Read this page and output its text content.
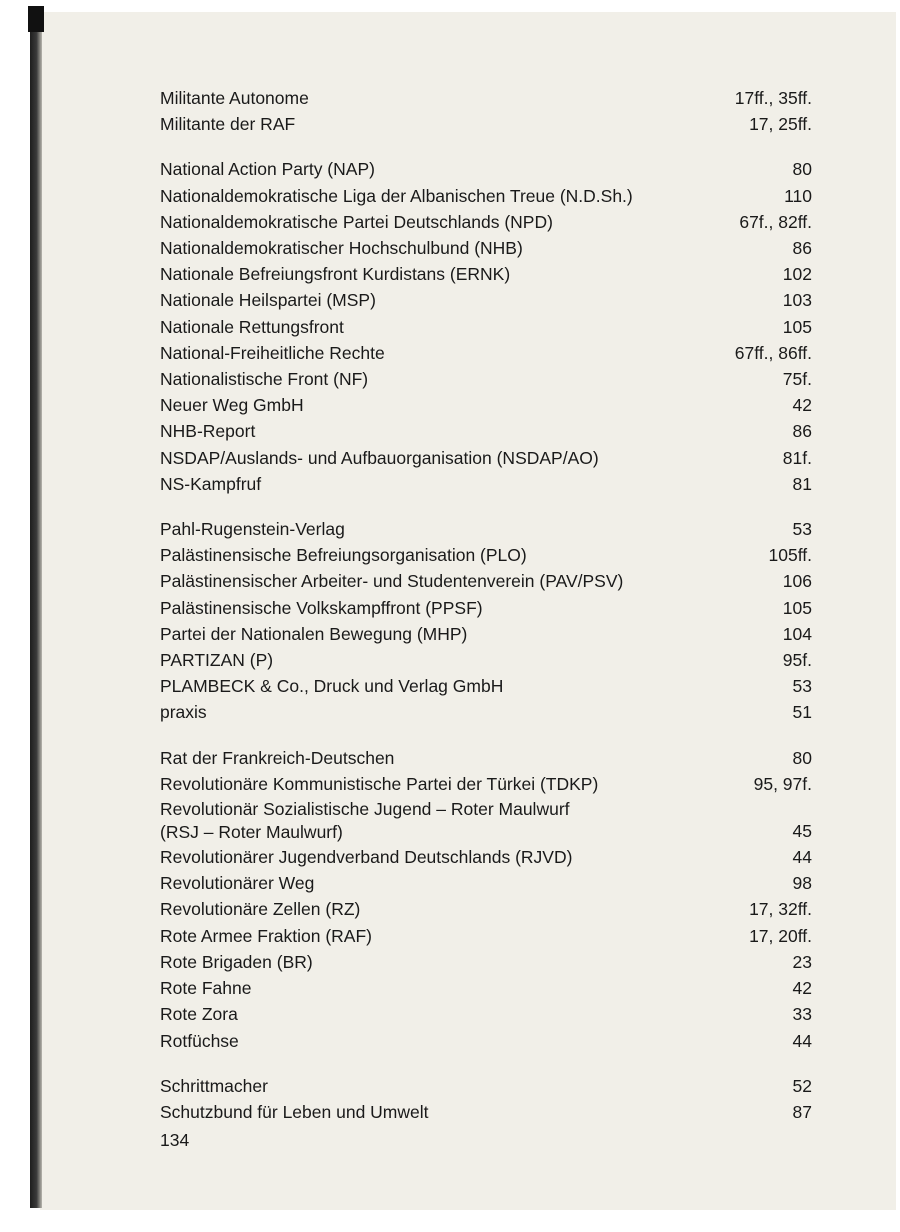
Militante Autonome	17ff., 35ff.
Militante der RAF	17, 25ff.
National Action Party (NAP)	80
Nationaldemokratische Liga der Albanischen Treue (N.D.Sh.)	110
Nationaldemokratische Partei Deutschlands (NPD)	67f., 82ff.
Nationaldemokratischer Hochschulbund (NHB)	86
Nationale Befreiungsfront Kurdistans (ERNK)	102
Nationale Heilspartei (MSP)	103
Nationale Rettungsfront	105
National-Freiheitliche Rechte	67ff., 86ff.
Nationalistische Front (NF)	75f.
Neuer Weg GmbH	42
NHB-Report	86
NSDAP/Auslands- und Aufbauorganisation (NSDAP/AO)	81f.
NS-Kampfruf	81
Pahl-Rugenstein-Verlag	53
Palästinensische Befreiungsorganisation (PLO)	105ff.
Palästinensischer Arbeiter- und Studentenverein (PAV/PSV)	106
Palästinensische Volkskampffront (PPSF)	105
Partei der Nationalen Bewegung (MHP)	104
PARTIZAN (P)	95f.
PLAMBECK & Co., Druck und Verlag GmbH	53
praxis	51
Rat der Frankreich-Deutschen	80
Revolutionäre Kommunistische Partei der Türkei (TDKP)	95, 97f.
Revolutionär Sozialistische Jugend – Roter Maulwurf
(RSJ – Roter Maulwurf)	45
Revolutionärer Jugendverband Deutschlands (RJVD)	44
Revolutionärer Weg	98
Revolutionäre Zellen (RZ)	17, 32ff.
Rote Armee Fraktion (RAF)	17, 20ff.
Rote Brigaden (BR)	23
Rote Fahne	42
Rote Zora	33
Rotfüchse	44
Schrittmacher	52
Schutzbund für Leben und Umwelt	87
134
